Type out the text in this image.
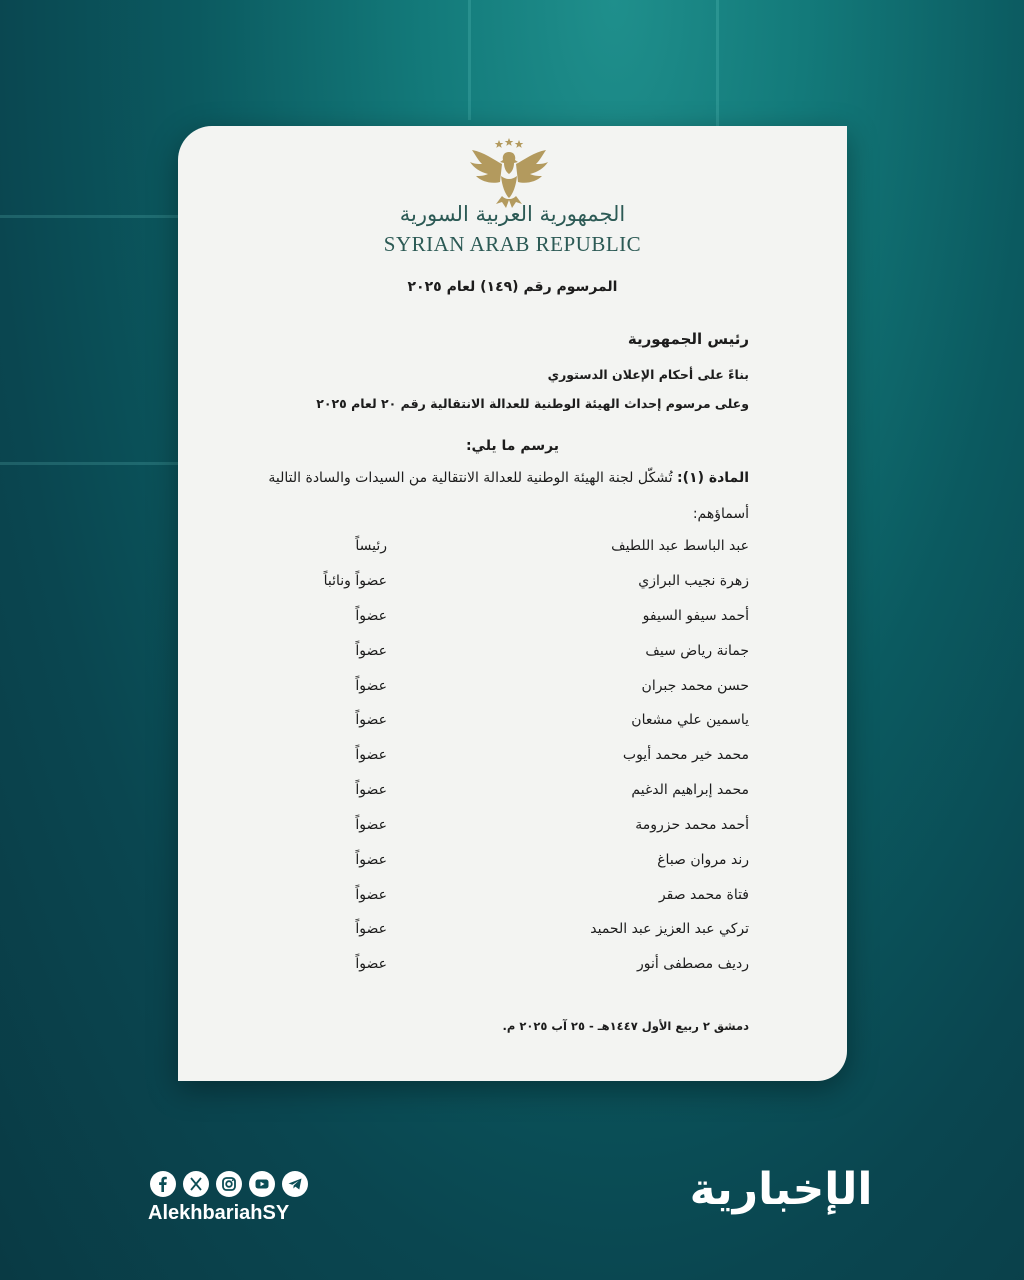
الجمهورية العربية السورية
SYRIAN ARAB REPUBLIC
المرسوم رقم (١٤٩) لعام ٢٠٢٥
رئيس الجمهورية
بناءً على أحكام الإعلان الدستوري
وعلى مرسوم إحداث الهيئة الوطنية للعدالة الانتقالية رقم ٢٠ لعام ٢٠٢٥
يرسم ما يلي:
المادة (١): تُشكّل لجنة الهيئة الوطنية للعدالة الانتقالية من السيدات والسادة التالية
أسماؤهم:
عبد الباسط عبد اللطيف
رئيساً
زهرة نجيب البرازي
عضواً ونائباً
أحمد سيفو السيفو
عضواً
جمانة رياض سيف
عضواً
حسن محمد جبران
عضواً
ياسمين علي مشعان
عضواً
محمد خير محمد أيوب
عضواً
محمد إبراهيم الدغيم
عضواً
أحمد محمد حزرومة
عضواً
رند مروان صباغ
عضواً
فتاة محمد صقر
عضواً
تركي عبد العزيز عبد الحميد
عضواً
رديف مصطفى أنور
عضواً
دمشق ٢ ربيع الأول ١٤٤٧هـ - ٢٥ آب ٢٠٢٥ م.
AlekhbariahSY	الإخبارية
